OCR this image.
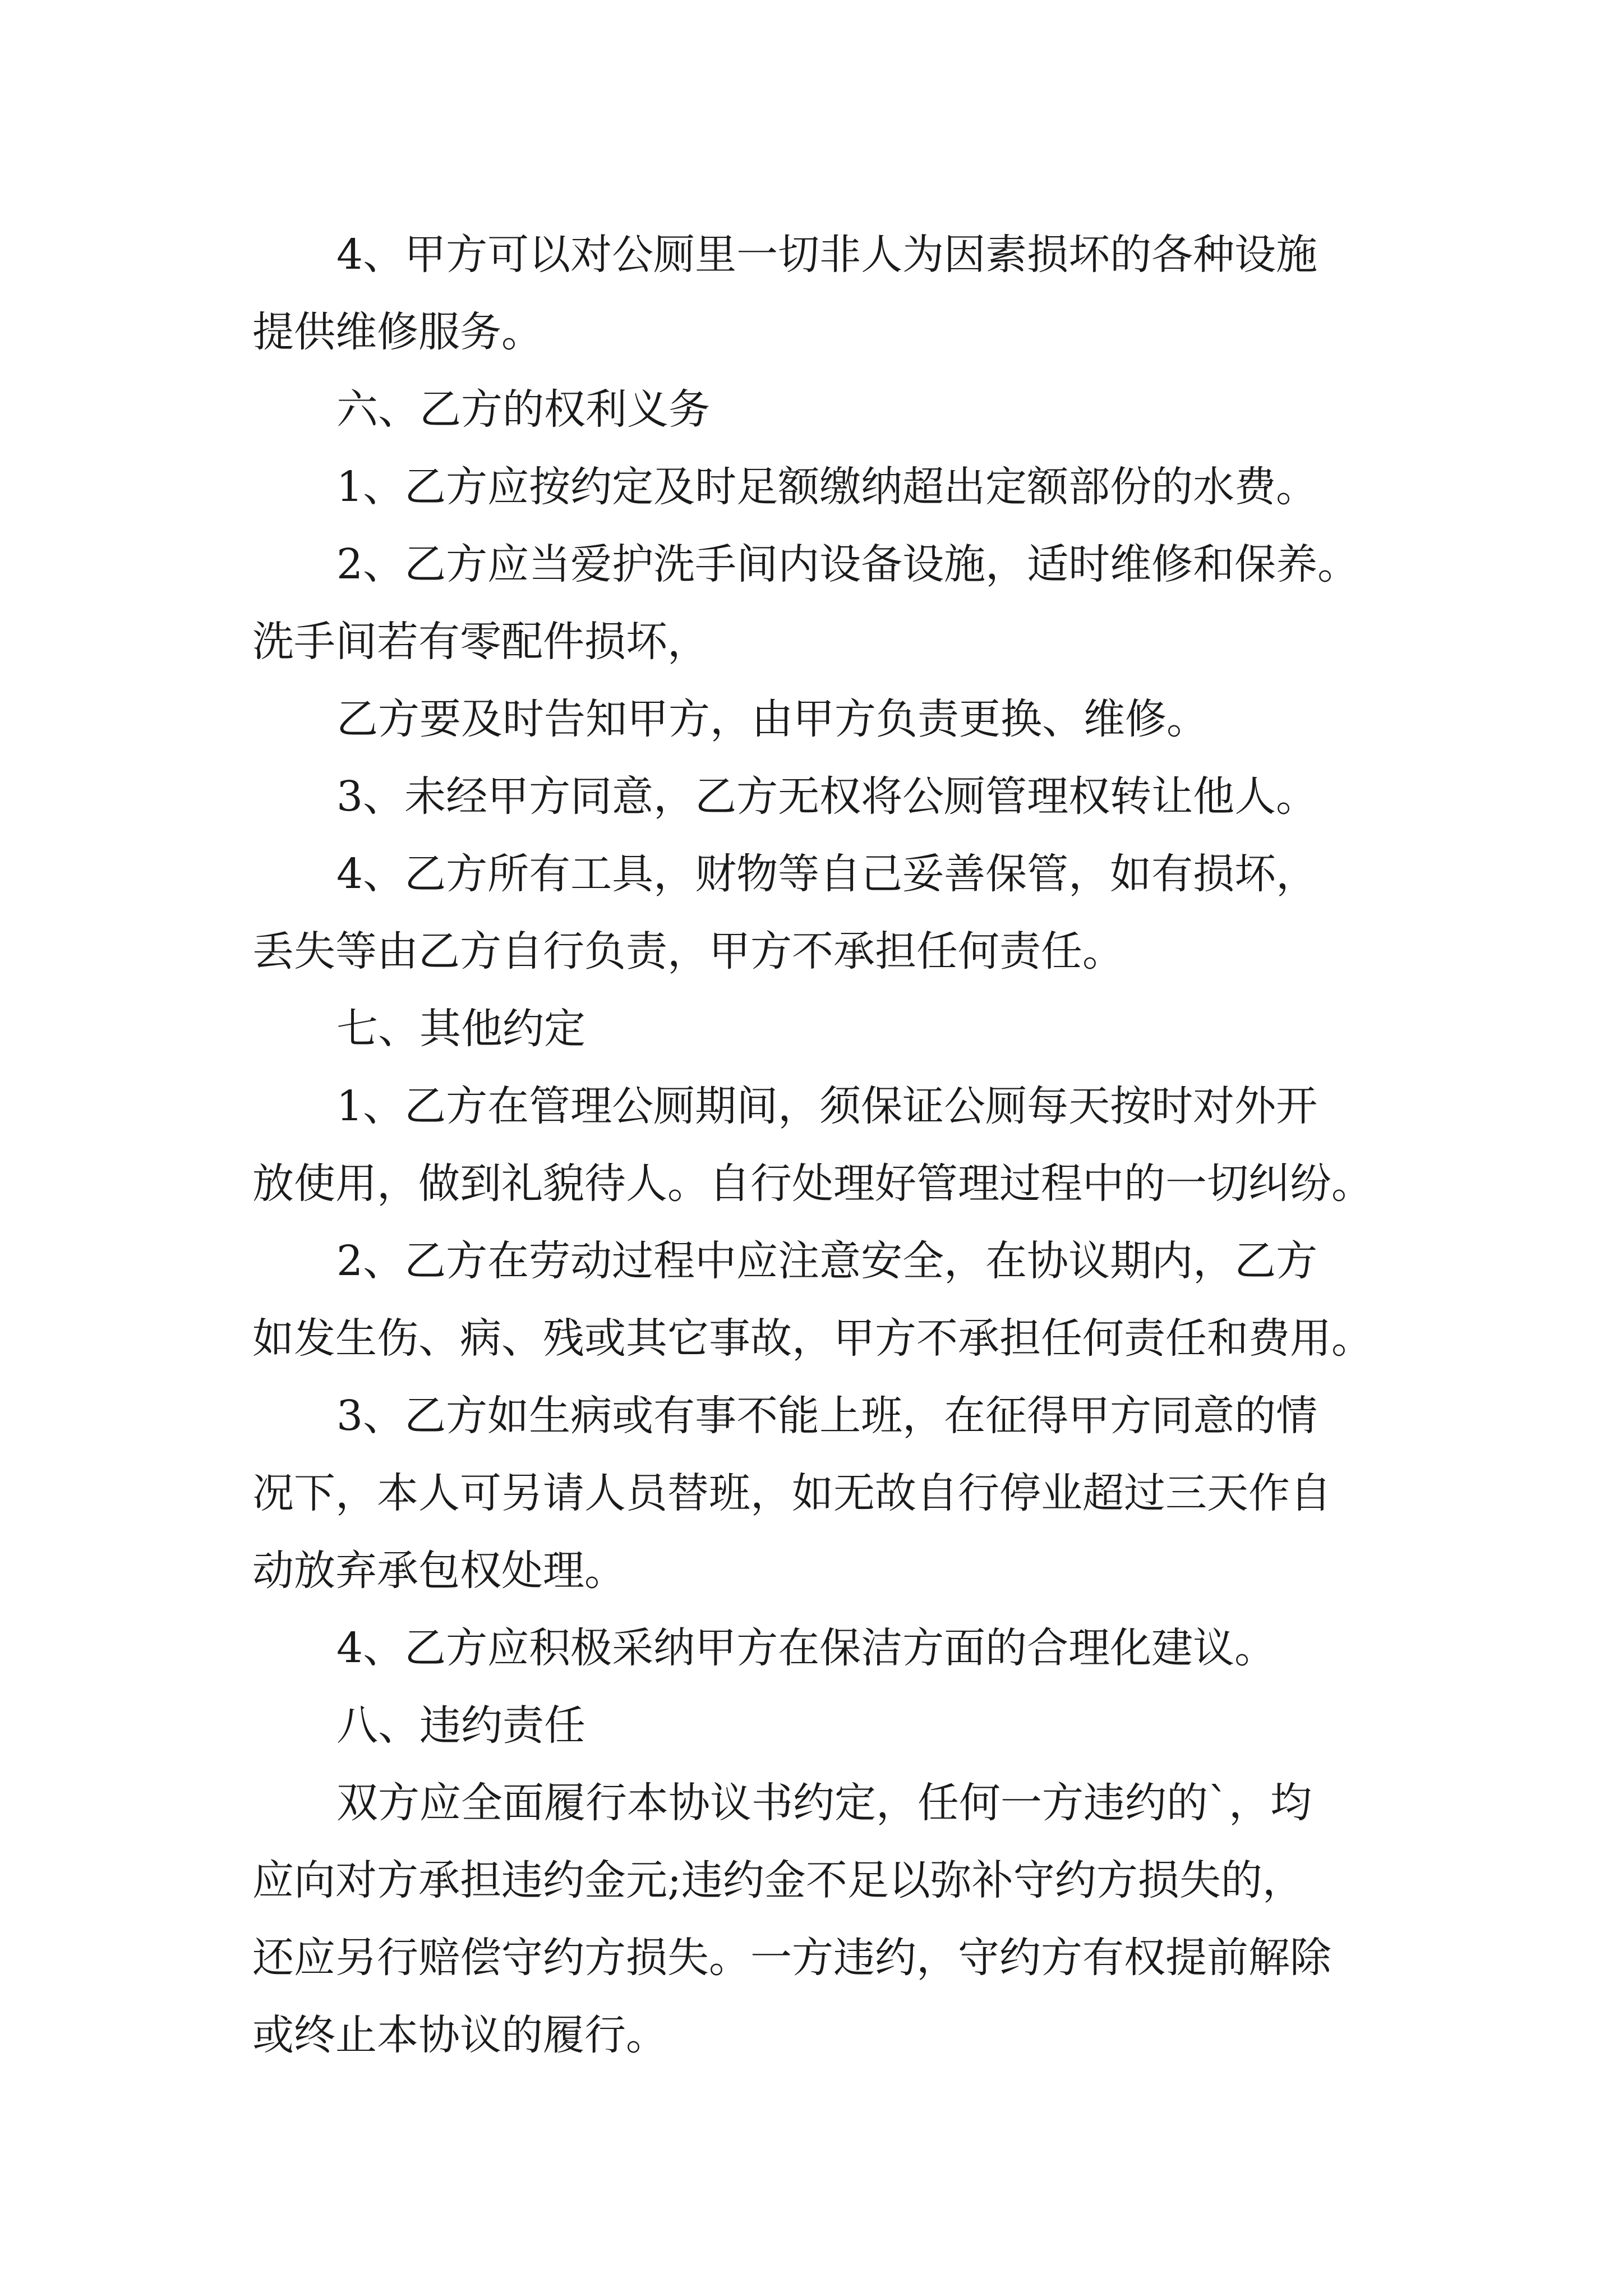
4、甲方可以对公厕里一切非人为因素损坏的各种设施
提供维修服务。
六、乙方的权利义务
1、乙方应按约定及时足额缴纳超出定额部份的水费。
2、乙方应当爱护洗手间内设备设施，适时维修和保养。
洗手间若有零配件损坏，
乙方要及时告知甲方，由甲方负责更换、维修。
3、未经甲方同意，乙方无权将公厕管理权转让他人。
4、乙方所有工具，财物等自己妥善保管，如有损坏，
丢失等由乙方自行负责，甲方不承担任何责任。
七、其他约定
1、乙方在管理公厕期间，须保证公厕每天按时对外开
放使用，做到礼貌待人。自行处理好管理过程中的一切纠纷。
2、乙方在劳动过程中应注意安全，在协议期内，乙方
如发生伤、病、残或其它事故，甲方不承担任何责任和费用。
3、乙方如生病或有事不能上班，在征得甲方同意的情
况下，本人可另请人员替班，如无故自行停业超过三天作自
动放弃承包权处理。
4、乙方应积极采纳甲方在保洁方面的合理化建议。
八、违约责任
双方应全面履行本协议书约定，任何一方违约的`，均
应向对方承担违约金元;违约金不足以弥补守约方损失的，
还应另行赔偿守约方损失。一方违约，守约方有权提前解除
或终止本协议的履行。
